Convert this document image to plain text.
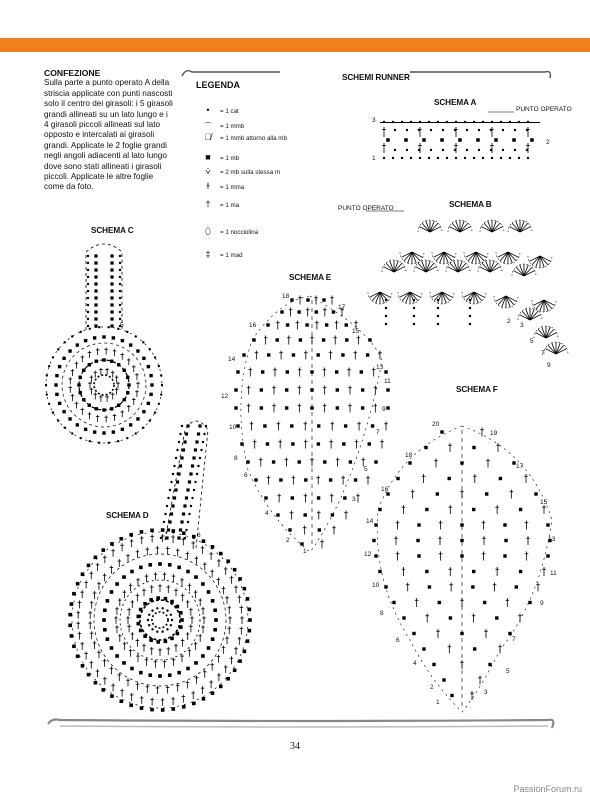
CONFEZIONE

Sulla parte a punto operato A della striscia applicate con punti nascosti solo il centro dei girasoli: i 5 girasoli grandi allineati su un lato lungo e i 4 girasoli piccoli allineati sul lato opposto e intercalati ai girasoli grandi. Applicate le 2 foglie grandi negli angoli adiacenti al lato lungo dove sono stati allineati i girasoli piccoli. Applicate le altre foglie come da foto.

SCHEMI RUNNER
SCHEMA A
PUNTO OPERATO
SCHEMA B
PUNTO OPERATO
SCHEMA C
SCHEMA D
SCHEMA E
SCHEMA F
3
1
2
5
6
2
3
5
7
9
18
17
16
15
14
13
12
11
10
9
8
7
6
5
4
3
2
1
20
19
18
17
16
15
14
13
12
11
10
9
8
7
6
5
4
3
2
1
LEGENDA
•	= 1 cat
⌒	= 1 mmb
⌒̸	= 1 mmb attorno alla mb
■	= 1 mb
⩒	= 2 mb sulla stessa m
ɫ	= 1 mma
†	= 1 ma
⬯	= 1 nocciolina
‡	= 1 mad
34
PassionForum.ru
